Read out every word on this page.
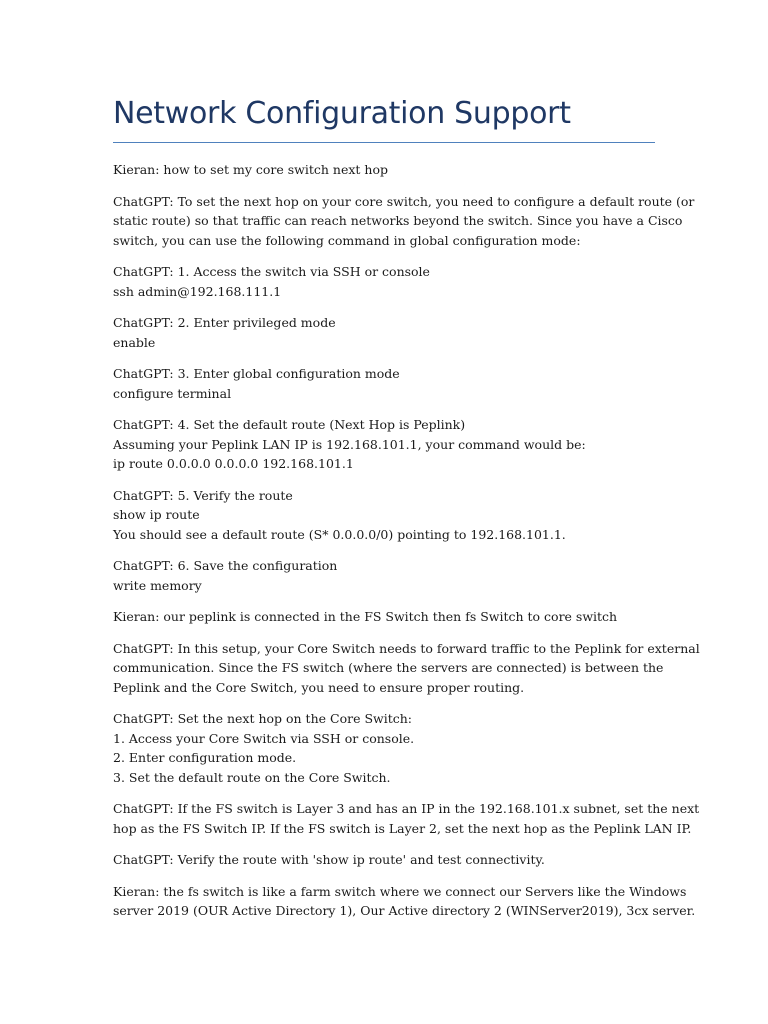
Network Configuration Support

Kieran: how to set my core switch next hop

ChatGPT: To set the next hop on your core switch, you need to configure a default route (or
static route) so that traffic can reach networks beyond the switch. Since you have a Cisco
switch, you can use the following command in global configuration mode:

ChatGPT: 1. Access the switch via SSH or console
ssh admin@192.168.111.1

ChatGPT: 2. Enter privileged mode
enable

ChatGPT: 3. Enter global configuration mode
configure terminal

ChatGPT: 4. Set the default route (Next Hop is Peplink)
Assuming your Peplink LAN IP is 192.168.101.1, your command would be:
ip route 0.0.0.0 0.0.0.0 192.168.101.1

ChatGPT: 5. Verify the route
show ip route
You should see a default route (S* 0.0.0.0/0) pointing to 192.168.101.1.

ChatGPT: 6. Save the configuration
write memory

Kieran: our peplink is connected in the FS Switch then fs Switch to core switch

ChatGPT: In this setup, your Core Switch needs to forward traffic to the Peplink for external
communication. Since the FS switch (where the servers are connected) is between the
Peplink and the Core Switch, you need to ensure proper routing.

ChatGPT: Set the next hop on the Core Switch:
1. Access your Core Switch via SSH or console.
2. Enter configuration mode.
3. Set the default route on the Core Switch.

ChatGPT: If the FS switch is Layer 3 and has an IP in the 192.168.101.x subnet, set the next
hop as the FS Switch IP. If the FS switch is Layer 2, set the next hop as the Peplink LAN IP.

ChatGPT: Verify the route with 'show ip route' and test connectivity.

Kieran: the fs switch is like a farm switch where we connect our Servers like the Windows
server 2019 (OUR Active Directory 1), Our Active directory 2 (WINServer2019), 3cx server.
